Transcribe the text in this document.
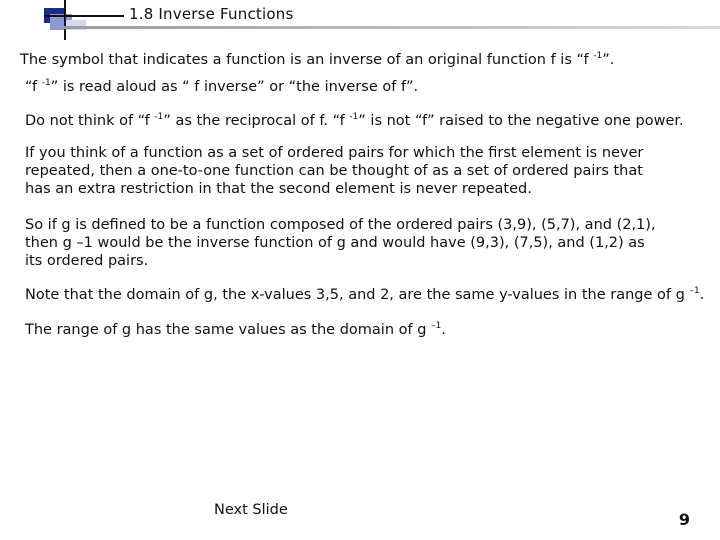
1.8 Inverse Functions

The symbol that indicates a function is an inverse of an original function f is “f $^{-1}$”.

“f $^{-1}$” is read aloud as “ f inverse” or “the inverse of f”.

Do not think of “f $^{-1}$” as the reciprocal of f. “f $^{-1}$” is not “f” raised to the negative one power.

If you think of a function as a set of ordered pairs for which the first element is never
repeated, then a one-to-one function can be thought of as a set of ordered pairs that
has an extra restriction in that the second element is never repeated.
So if g is defined to be a function composed of the ordered pairs (3,9), (5,7), and (2,1),
then g –1 would be the inverse function of g and would have (9,3), (7,5), and (1,2) as
its ordered pairs.

Note that the domain of g, the x-values 3,5, and 2, are the same y-values in the range of g $^{-1}$.

The range of g has the same values as the domain of g $^{-1}$.

Next Slide	9
